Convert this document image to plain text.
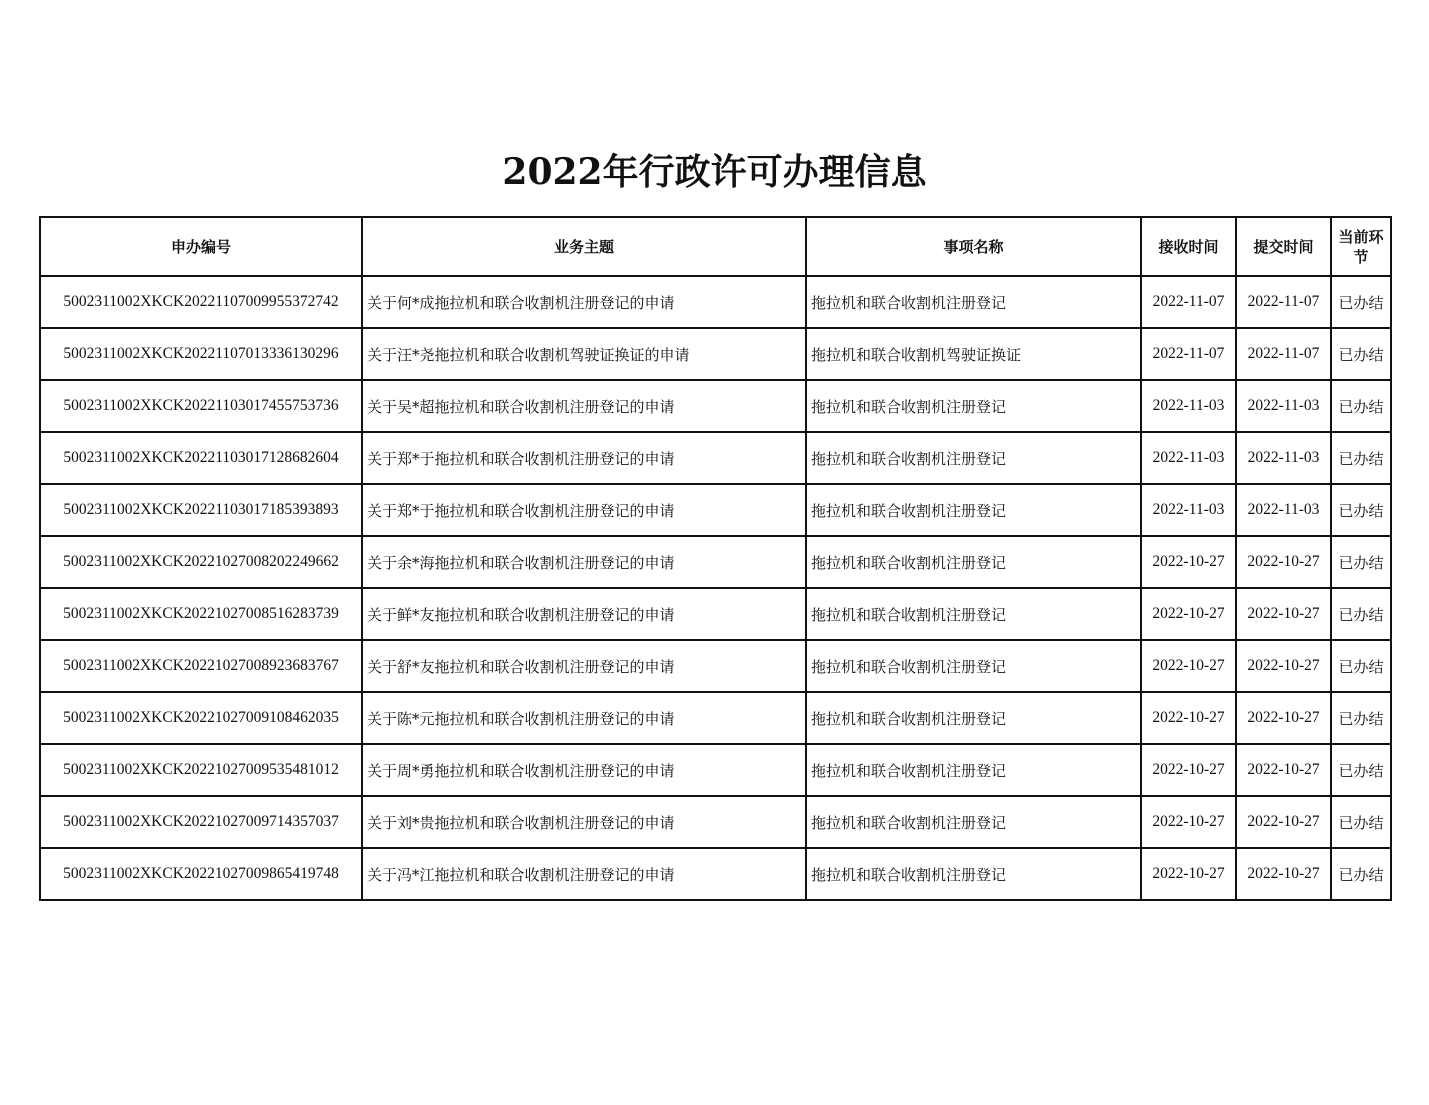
2022年行政许可办理信息
申办编号	业务主题	事项名称	接收时间	提交时间	当前环节
5002311002XKCK20221107009955372742	关于何*成拖拉机和联合收割机注册登记的申请	拖拉机和联合收割机注册登记	2022-11-07	2022-11-07	已办结
5002311002XKCK20221107013336130296	关于汪*尧拖拉机和联合收割机驾驶证换证的申请	拖拉机和联合收割机驾驶证换证	2022-11-07	2022-11-07	已办结
5002311002XKCK20221103017455753736	关于吴*超拖拉机和联合收割机注册登记的申请	拖拉机和联合收割机注册登记	2022-11-03	2022-11-03	已办结
5002311002XKCK20221103017128682604	关于郑*于拖拉机和联合收割机注册登记的申请	拖拉机和联合收割机注册登记	2022-11-03	2022-11-03	已办结
5002311002XKCK20221103017185393893	关于郑*于拖拉机和联合收割机注册登记的申请	拖拉机和联合收割机注册登记	2022-11-03	2022-11-03	已办结
5002311002XKCK20221027008202249662	关于余*海拖拉机和联合收割机注册登记的申请	拖拉机和联合收割机注册登记	2022-10-27	2022-10-27	已办结
5002311002XKCK20221027008516283739	关于鲜*友拖拉机和联合收割机注册登记的申请	拖拉机和联合收割机注册登记	2022-10-27	2022-10-27	已办结
5002311002XKCK20221027008923683767	关于舒*友拖拉机和联合收割机注册登记的申请	拖拉机和联合收割机注册登记	2022-10-27	2022-10-27	已办结
5002311002XKCK20221027009108462035	关于陈*元拖拉机和联合收割机注册登记的申请	拖拉机和联合收割机注册登记	2022-10-27	2022-10-27	已办结
5002311002XKCK20221027009535481012	关于周*勇拖拉机和联合收割机注册登记的申请	拖拉机和联合收割机注册登记	2022-10-27	2022-10-27	已办结
5002311002XKCK20221027009714357037	关于刘*贵拖拉机和联合收割机注册登记的申请	拖拉机和联合收割机注册登记	2022-10-27	2022-10-27	已办结
5002311002XKCK20221027009865419748	关于冯*江拖拉机和联合收割机注册登记的申请	拖拉机和联合收割机注册登记	2022-10-27	2022-10-27	已办结
